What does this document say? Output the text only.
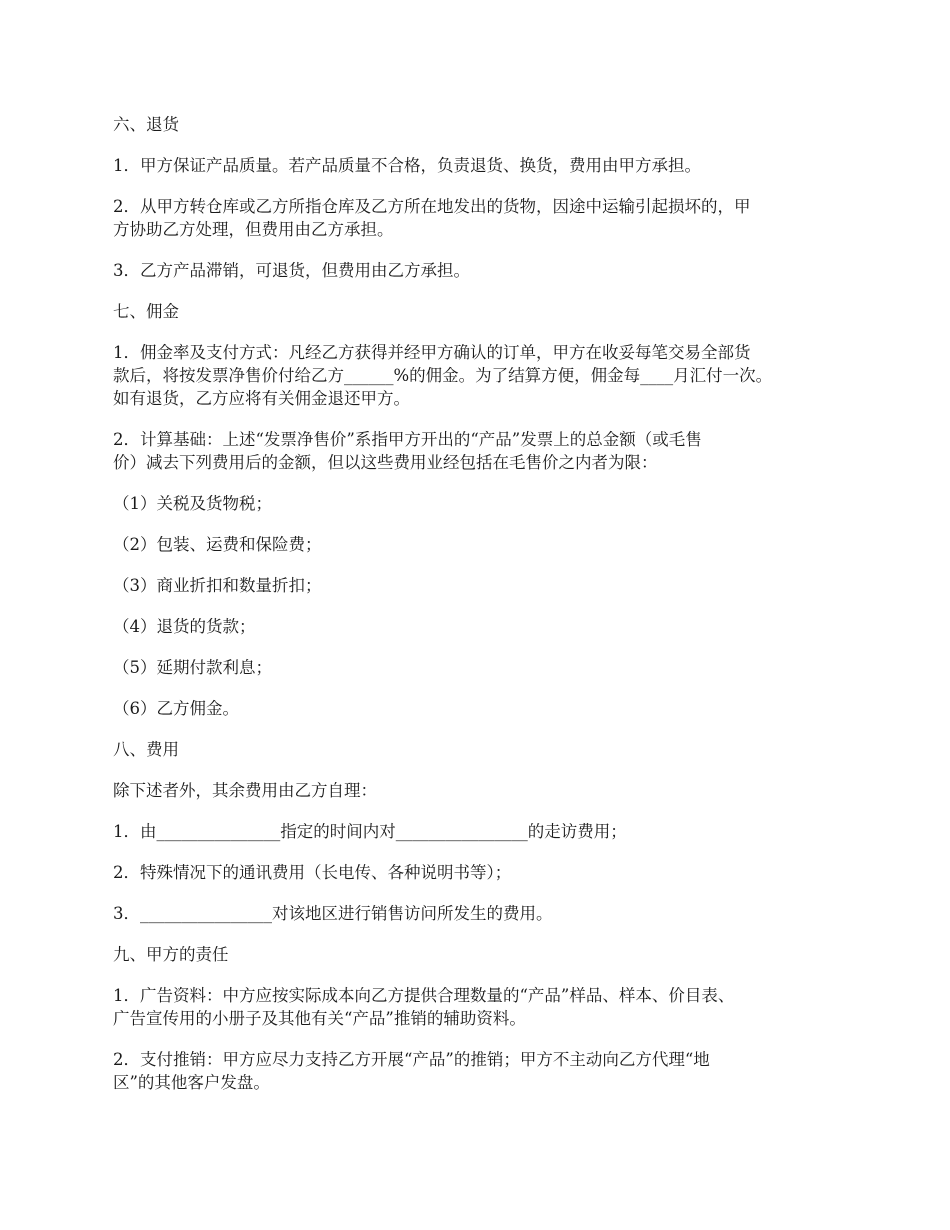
六、退货
1．甲方保证产品质量。若产品质量不合格，负责退货、换货，费用由甲方承担。
2．从甲方转仓库或乙方所指仓库及乙方所在地发出的货物，因途中运输引起损坏的，甲
方协助乙方处理，但费用由乙方承担。
3．乙方产品滞销，可退货，但费用由乙方承担。
七、佣金
1．佣金率及支付方式：凡经乙方获得并经甲方确认的订单，甲方在收妥每笔交易全部货
款后，将按发票净售价付给乙方______%的佣金。为了结算方便，佣金每____月汇付一次。
如有退货，乙方应将有关佣金退还甲方。
2．计算基础：上述“发票净售价”系指甲方开出的“产品”发票上的总金额（或毛售
价）减去下列费用后的金额，但以这些费用业经包括在毛售价之内者为限：
（1）关税及货物税；
（2）包装、运费和保险费；
（3）商业折扣和数量折扣；
（4）退货的货款；
（5）延期付款利息；
（6）乙方佣金。
八、费用
除下述者外，其余费用由乙方自理：
1．由_______________指定的时间内对________________的走访费用；
2．特殊情况下的通讯费用（长电传、各种说明书等）；
3．________________对该地区进行销售访问所发生的费用。
九、甲方的责任
1．广告资料：中方应按实际成本向乙方提供合理数量的“产品”样品、样本、价目表、
广告宣传用的小册子及其他有关“产品”推销的辅助资料。
2．支付推销：甲方应尽力支持乙方开展“产品”的推销；甲方不主动向乙方代理“地
区”的其他客户发盘。
